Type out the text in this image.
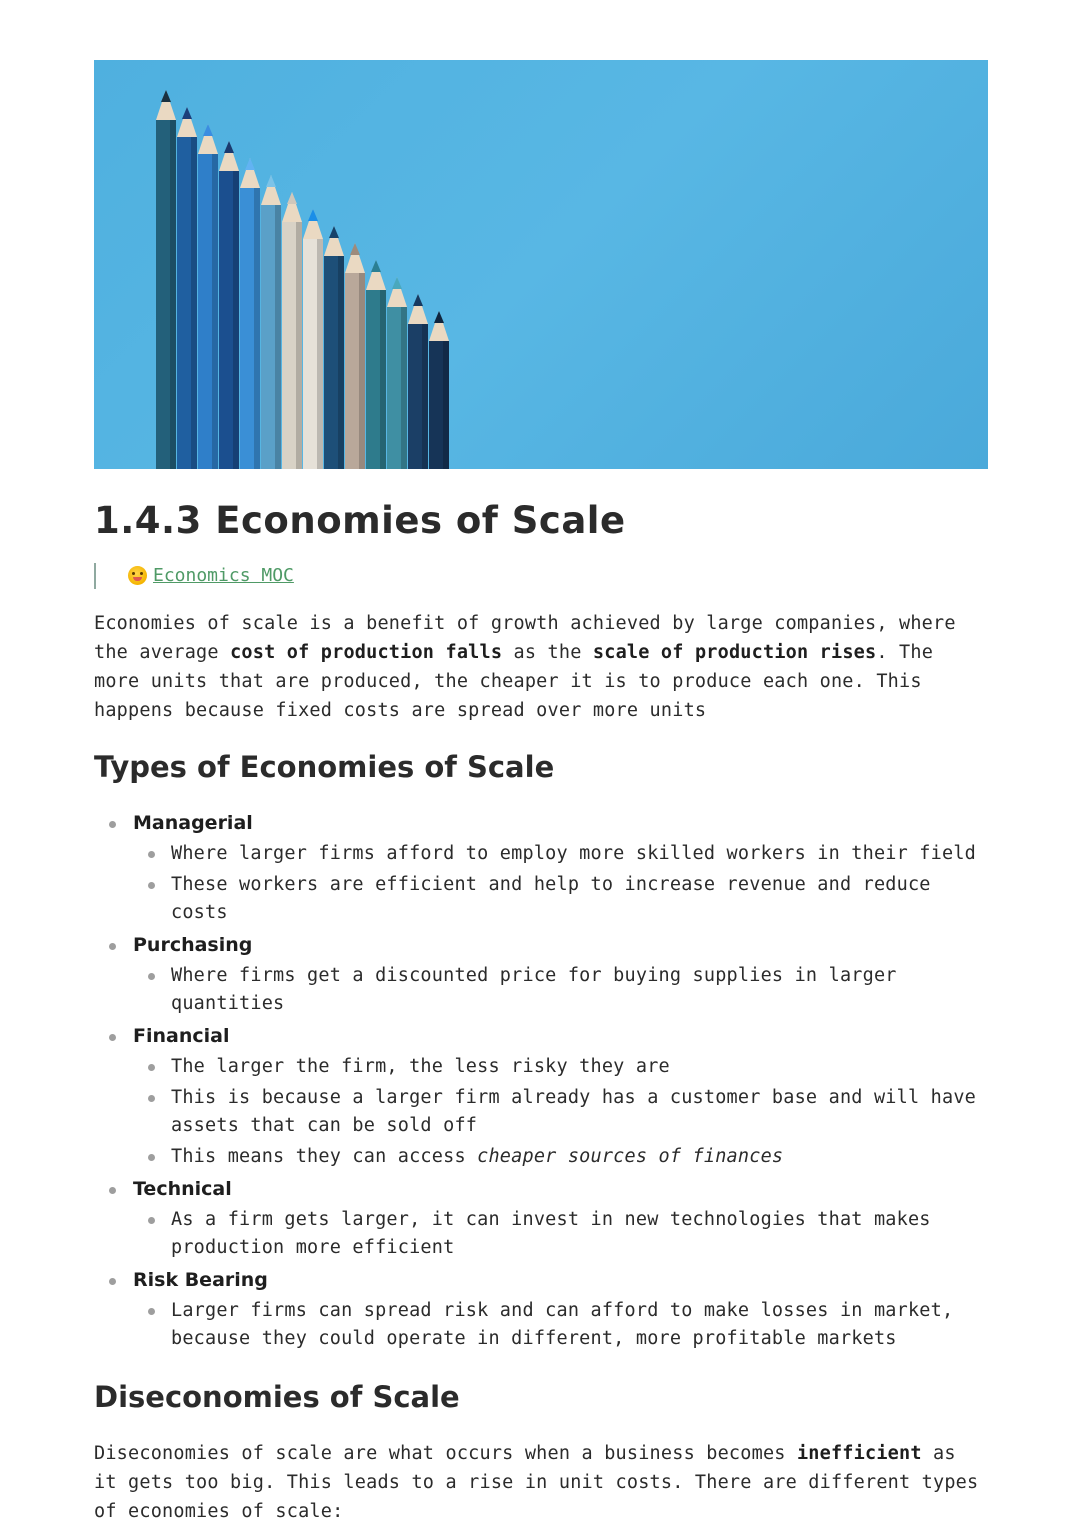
1.4.3 Economies of Scale
Economics MOC

Economies of scale is a benefit of growth achieved by large companies, where the average cost of production falls as the scale of production rises. The more units that are produced, the cheaper it is to produce each one. This happens because fixed costs are spread over more units

Types of Economies of Scale
Managerial
Where larger firms afford to employ more skilled workers in their field
These workers are efficient and help to increase revenue and reduce costs
Purchasing
Where firms get a discounted price for buying supplies in larger quantities
Financial
The larger the firm, the less risky they are
This is because a larger firm already has a customer base and will have assets that can be sold off
This means they can access cheaper sources of finances
Technical
As a firm gets larger, it can invest in new technologies that makes production more efficient
Risk Bearing
Larger firms can spread risk and can afford to make losses in market, because they could operate in different, more profitable markets
Diseconomies of Scale

Diseconomies of scale are what occurs when a business becomes inefficient as it gets too big. This leads to a rise in unit costs. There are different types of economies of scale:
